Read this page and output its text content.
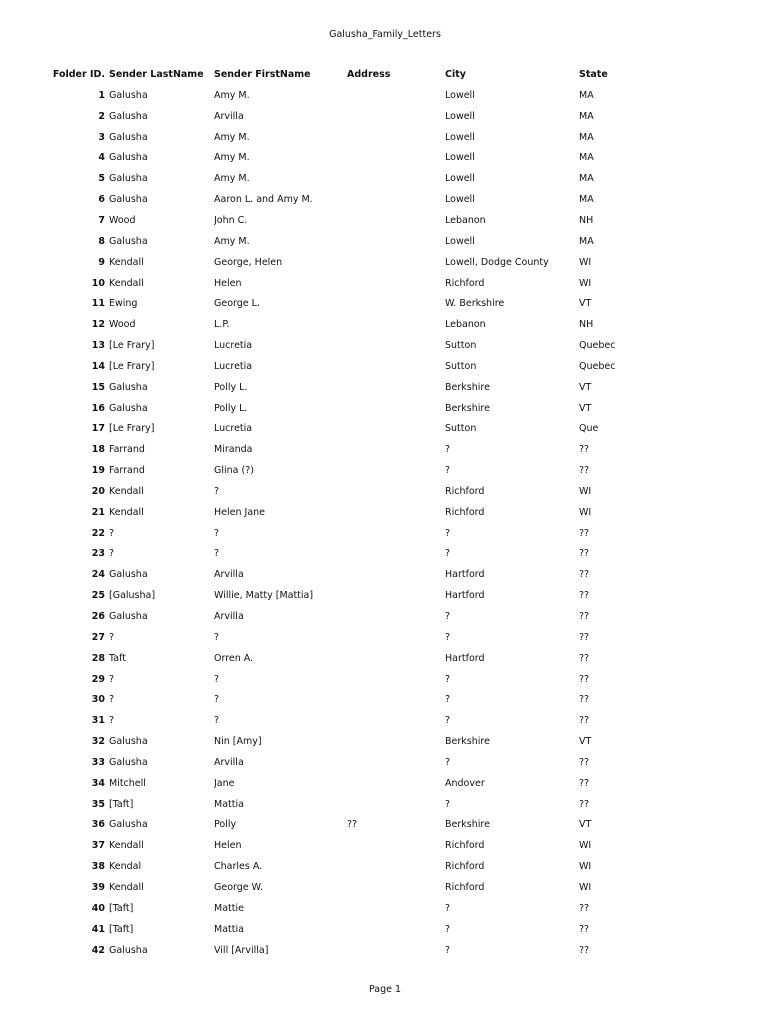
Galusha_Family_Letters
Folder ID.	Sender LastName	Sender FirstName	Address	City	State
1	Galusha	Amy M.		Lowell	MA
2	Galusha	Arvilla		Lowell	MA
3	Galusha	Amy M.		Lowell	MA
4	Galusha	Amy M.		Lowell	MA
5	Galusha	Amy M.		Lowell	MA
6	Galusha	Aaron L. and Amy M.		Lowell	MA
7	Wood	John C.		Lebanon	NH
8	Galusha	Amy M.		Lowell	MA
9	Kendall	George, Helen		Lowell, Dodge County	WI
10	Kendall	Helen		Richford	WI
11	Ewing	George L.		W. Berkshire	VT
12	Wood	L.P.		Lebanon	NH
13	[Le Frary]	Lucretia		Sutton	Quebec
14	[Le Frary]	Lucretia		Sutton	Quebec
15	Galusha	Polly L.		Berkshire	VT
16	Galusha	Polly L.		Berkshire	VT
17	[Le Frary]	Lucretia		Sutton	Que
18	Farrand	Miranda		?	??
19	Farrand	Glina (?)		?	??
20	Kendall	?		Richford	WI
21	Kendall	Helen Jane		Richford	WI
22	?	?		?	??
23	?	?		?	??
24	Galusha	Arvilla		Hartford	??
25	[Galusha]	Willie, Matty [Mattia]		Hartford	??
26	Galusha	Arvilla		?	??
27	?	?		?	??
28	Taft	Orren A.		Hartford	??
29	?	?		?	??
30	?	?		?	??
31	?	?		?	??
32	Galusha	Nin [Amy]		Berkshire	VT
33	Galusha	Arvilla		?	??
34	Mitchell	Jane		Andover	??
35	[Taft]	Mattia		?	??
36	Galusha	Polly	??	Berkshire	VT
37	Kendall	Helen		Richford	WI
38	Kendal	Charles A.		Richford	WI
39	Kendall	George W.		Richford	WI
40	[Taft]	Mattie		?	??
41	[Taft]	Mattia		?	??
42	Galusha	Vill [Arvilla]		?	??
Page 1
